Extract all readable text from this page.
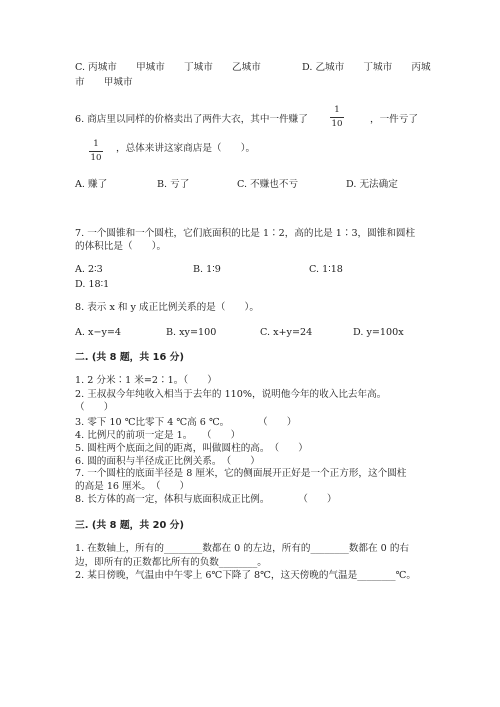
C. 丙城市　　甲城市　　丁城市　　乙城市	D. 乙城市　　丁城市　　丙城
市　　甲城市
6. 商店里以同样的价格卖出了两件大衣，其中一件赚了
1
10	，一件亏了
1
10
，总体来讲这家商店是（　　）。
A. 赚了	B. 亏了	C. 不赚也不亏	D. 无法确定
7. 一个圆锥和一个圆柱，它们底面积的比是 1∶2，高的比是 1∶3，圆锥和圆柱
的体积比是（　　）。
A. 2∶3	B. 1∶9	C. 1∶18
D. 18∶1
8. 表示 x 和 y 成正比例关系的是（　　）。
A. x−y=4	B. xy=100	C. x+y=24	D. y=100x
二. (共 8 题，共 16 分)
1. 2 分米∶1 米=2∶1。（　　）
2. 王叔叔今年纯收入相当于去年的 110%，说明他今年的收入比去年高。
（　　）
3. 零下 10 ℃比零下 4 ℃高 6 ℃。　　　　（　　）
4. 比例尺的前项一定是 1。　　（　　）
5. 圆柱两个底面之间的距离，叫做圆柱的高。　（　　）
6. 圆的面积与半径成正比例关系。　（　　）
7. 一个圆柱的底面半径是 8 厘米，它的侧面展开正好是一个正方形，这个圆柱
的高是 16 厘米。　（　　）
8. 长方体的高一定，体积与底面积成正比例。　　　　（　　）
三. (共 8 题，共 20 分)
1. 在数轴上，所有的________数都在 0 的左边，所有的________数都在 0 的右
边，即所有的正数都比所有的负数________。
2. 某日傍晚，气温由中午零上 6℃下降了 8℃，这天傍晚的气温是________℃。
